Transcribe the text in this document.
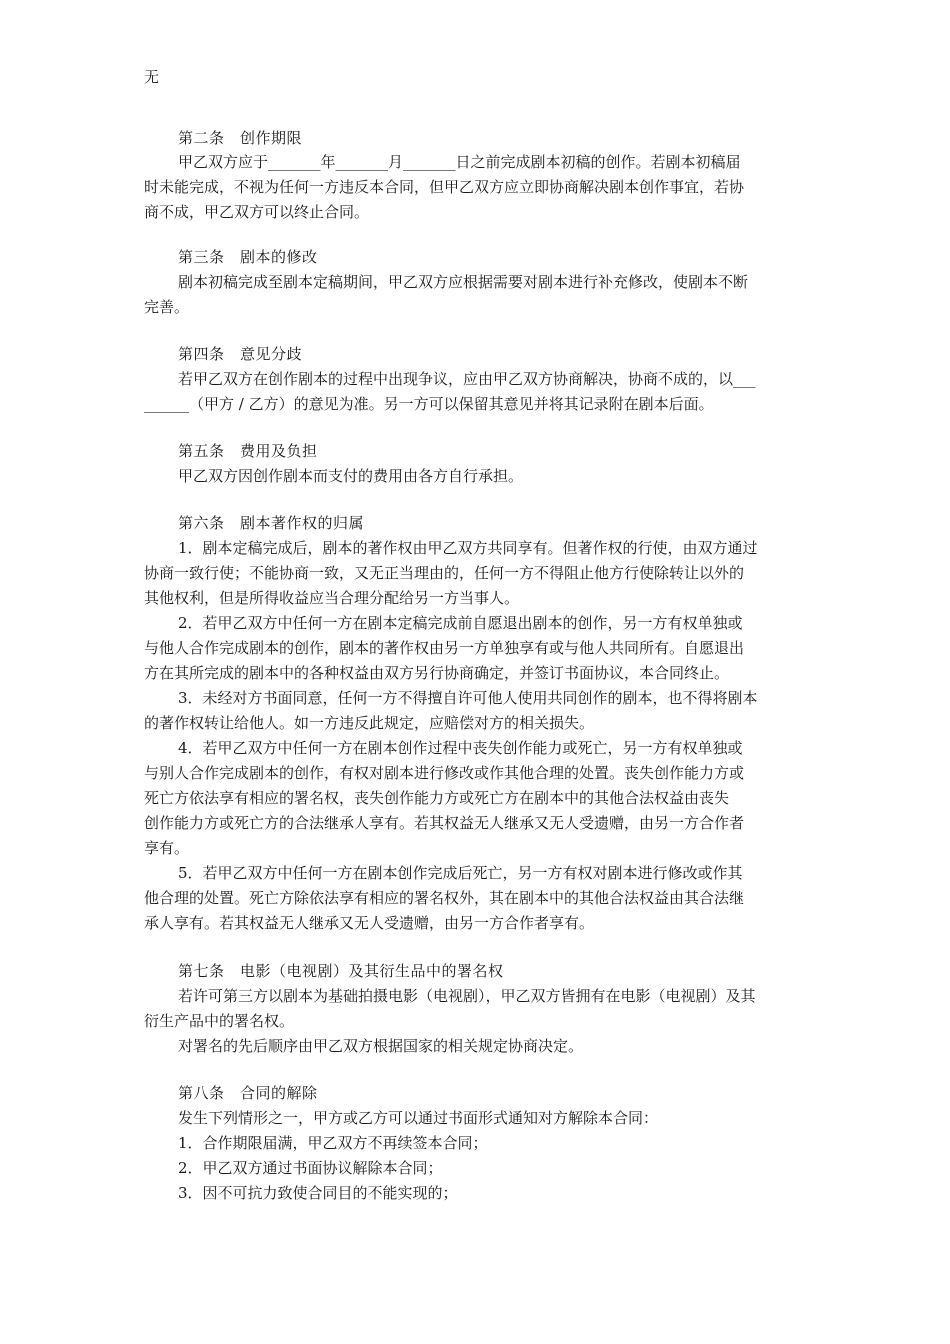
无
第二条　创作期限
甲乙双方应于_______年_______月_______日之前完成剧本初稿的创作。若剧本初稿届
时未能完成，不视为任何一方违反本合同，但甲乙双方应立即协商解决剧本创作事宜，若协
商不成，甲乙双方可以终止合同。
第三条　剧本的修改
剧本初稿完成至剧本定稿期间，甲乙双方应根据需要对剧本进行补充修改，使剧本不断
完善。
第四条　意见分歧
若甲乙双方在创作剧本的过程中出现争议，应由甲乙双方协商解决，协商不成的，以___
______（甲方 / 乙方）的意见为准。另一方可以保留其意见并将其记录附在剧本后面。
第五条　费用及负担
甲乙双方因创作剧本而支付的费用由各方自行承担。
第六条　剧本著作权的归属
1．剧本定稿完成后，剧本的著作权由甲乙双方共同享有。但著作权的行使，由双方通过
协商一致行使；不能协商一致，又无正当理由的，任何一方不得阻止他方行使除转让以外的
其他权利，但是所得收益应当合理分配给另一方当事人。
2．若甲乙双方中任何一方在剧本定稿完成前自愿退出剧本的创作，另一方有权单独或
与他人合作完成剧本的创作，剧本的著作权由另一方单独享有或与他人共同所有。自愿退出
方在其所完成的剧本中的各种权益由双方另行协商确定，并签订书面协议，本合同终止。
3．未经对方书面同意，任何一方不得擅自许可他人使用共同创作的剧本，也不得将剧本
的著作权转让给他人。如一方违反此规定，应赔偿对方的相关损失。
4．若甲乙双方中任何一方在剧本创作过程中丧失创作能力或死亡，另一方有权单独或
与别人合作完成剧本的创作，有权对剧本进行修改或作其他合理的处置。丧失创作能力方或
死亡方依法享有相应的署名权，丧失创作能力方或死亡方在剧本中的其他合法权益由丧失
创作能力方或死亡方的合法继承人享有。若其权益无人继承又无人受遗赠，由另一方合作者
享有。
5．若甲乙双方中任何一方在剧本创作完成后死亡，另一方有权对剧本进行修改或作其
他合理的处置。死亡方除依法享有相应的署名权外，其在剧本中的其他合法权益由其合法继
承人享有。若其权益无人继承又无人受遗赠，由另一方合作者享有。
第七条　电影（电视剧）及其衍生品中的署名权
若许可第三方以剧本为基础拍摄电影（电视剧），甲乙双方皆拥有在电影（电视剧）及其
衍生产品中的署名权。
对署名的先后顺序由甲乙双方根据国家的相关规定协商决定。
第八条　合同的解除
发生下列情形之一，甲方或乙方可以通过书面形式通知对方解除本合同：
1．合作期限届满，甲乙双方不再续签本合同；
2．甲乙双方通过书面协议解除本合同；
3．因不可抗力致使合同目的不能实现的；
